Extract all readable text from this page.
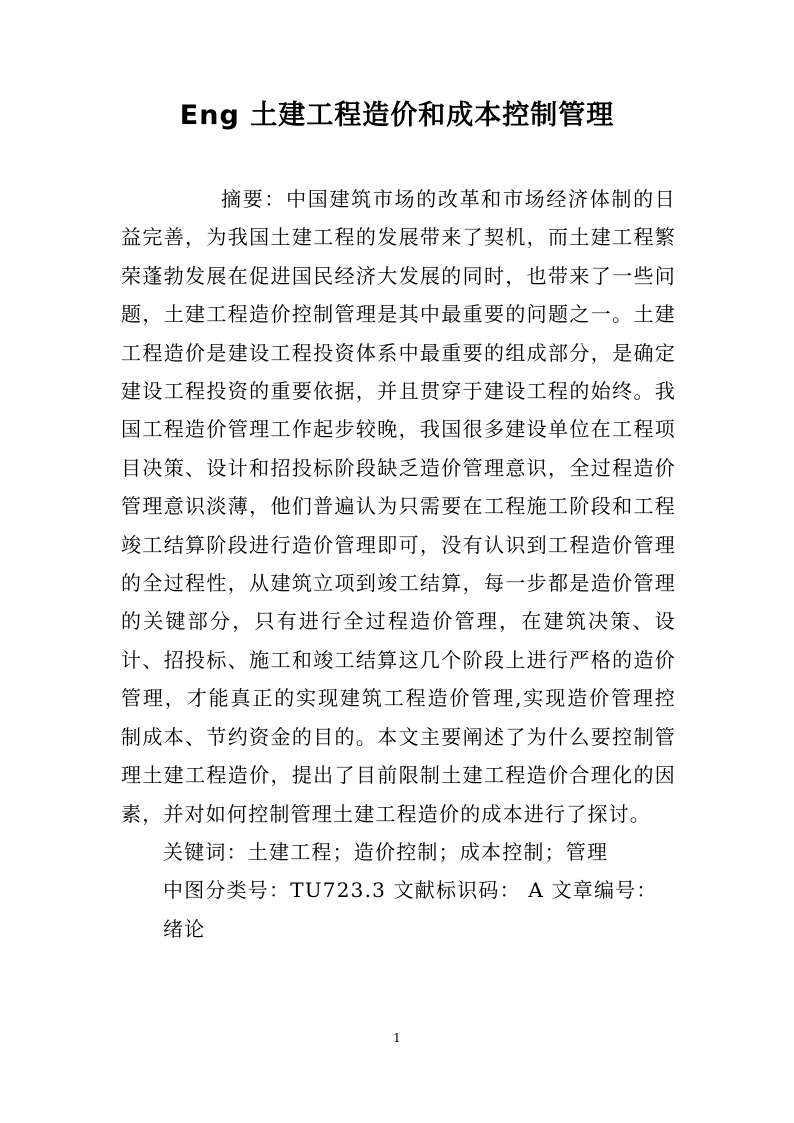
Eng 土建工程造价和成本控制管理

摘要：中国建筑市场的改革和市场经济体制的日益完善，为我国土建工程的发展带来了契机，而土建工程繁荣蓬勃发展在促进国民经济大发展的同时，也带来了一些问题，土建工程造价控制管理是其中最重要的问题之一。土建工程造价是建设工程投资体系中最重要的组成部分，是确定建设工程投资的重要依据，并且贯穿于建设工程的始终。我国工程造价管理工作起步较晚，我国很多建设单位在工程项目决策、设计和招投标阶段缺乏造价管理意识，全过程造价管理意识淡薄，他们普遍认为只需要在工程施工阶段和工程竣工结算阶段进行造价管理即可，没有认识到工程造价管理的全过程性，从建筑立项到竣工结算，每一步都是造价管理的关键部分，只有进行全过程造价管理，在建筑决策、设计、招投标、施工和竣工结算这几个阶段上进行严格的造价管理，才能真正的实现建筑工程造价管理,实现造价管理控制成本、节约资金的目的。本文主要阐述了为什么要控制管理土建工程造价，提出了目前限制土建工程造价合理化的因素，并对如何控制管理土建工程造价的成本进行了探讨。

关键词：土建工程；造价控制；成本控制；管理

中图分类号：TU723.3 文献标识码： A 文章编号：

绪论

1
